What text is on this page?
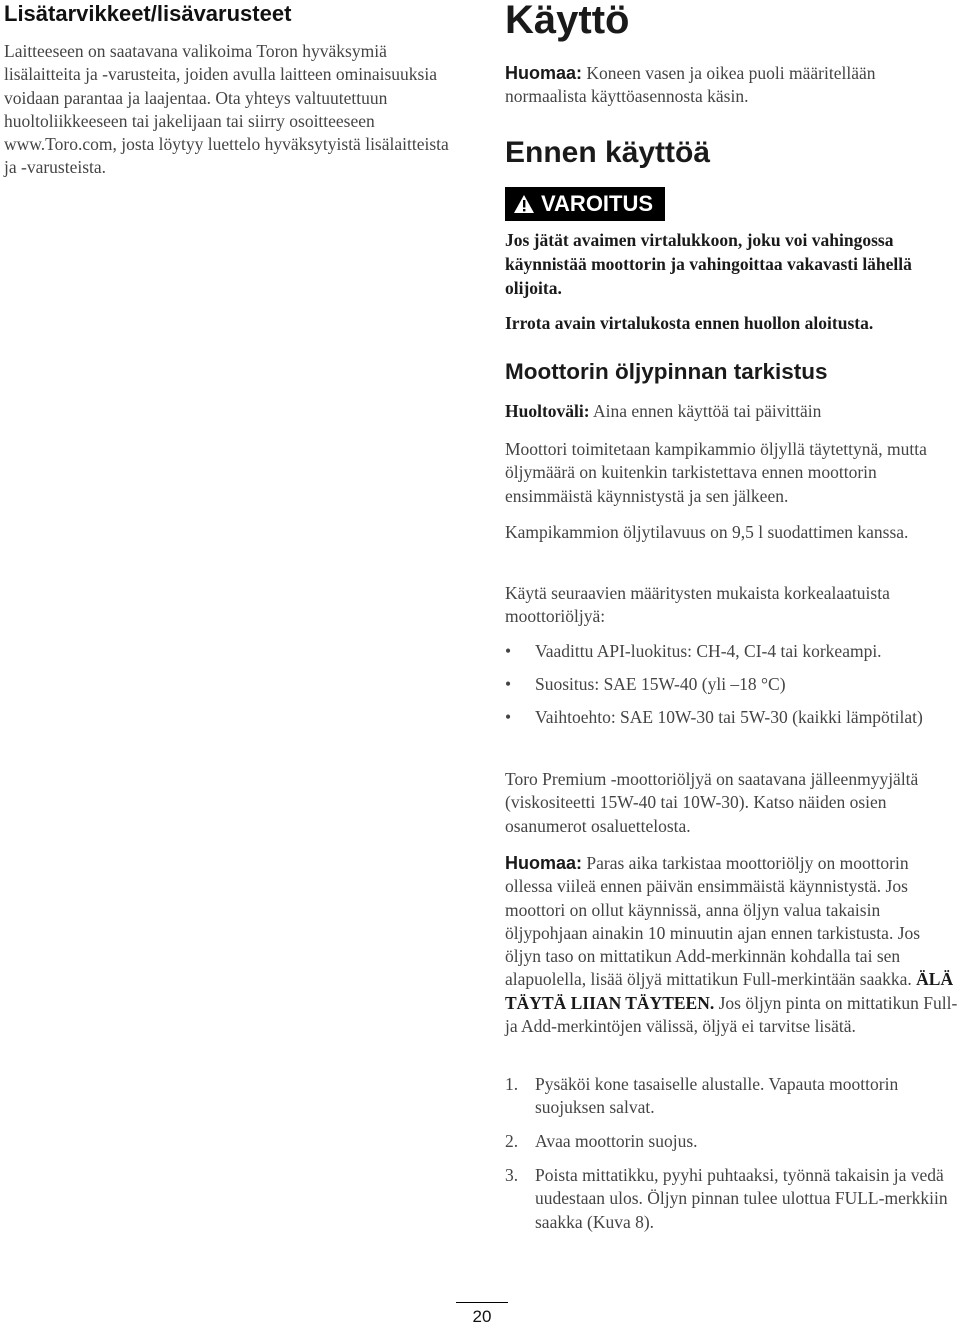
Lisätarvikkeet/lisävarusteet

Laitteeseen on saatavana valikoima Toron hyväksymiä lisälaitteita ja -varusteita, joiden avulla laitteen ominaisuuksia voidaan parantaa ja laajentaa. Ota yhteys valtuutettuun huoltoliikkeeseen tai jakelijaan tai siirry osoitteeseen www.Toro.com, josta löytyy luettelo hyväksytyistä lisälaitteista ja -varusteista.

Käyttö

Huomaa: Koneen vasen ja oikea puoli määritellään normaalista käyttöasennosta käsin.

Ennen käyttöä
VAROITUS

Jos jätät avaimen virtalukkoon, joku voi vahingossa käynnistää moottorin ja vahingoittaa vakavasti lähellä olijoita.

Irrota avain virtalukosta ennen huollon aloitusta.

Moottorin öljypinnan tarkistus

Huoltoväli: Aina ennen käyttöä tai päivittäin

Moottori toimitetaan kampikammio öljyllä täytettynä, mutta öljymäärä on kuitenkin tarkistettava ennen moottorin ensimmäistä käynnistystä ja sen jälkeen.

Kampikammion öljytilavuus on 9,5 l suodattimen kanssa.

Käytä seuraavien määritysten mukaista korkealaatuista moottoriöljyä:

• Vaadittu API-luokitus: CH-4, CI-4 tai korkeampi.
• Suositus: SAE 15W-40 (yli –18 °C)
• Vaihtoehto: SAE 10W-30 tai 5W-30 (kaikki lämpötilat)

Toro Premium -moottoriöljyä on saatavana jälleenmyyjältä (viskositeetti 15W-40 tai 10W-30). Katso näiden osien osanumerot osaluettelosta.

Huomaa: Paras aika tarkistaa moottoriöljy on moottorin ollessa viileä ennen päivän ensimmäistä käynnistystä. Jos moottori on ollut käynnissä, anna öljyn valua takaisin öljypohjaan ainakin 10 minuutin ajan ennen tarkistusta. Jos öljyn taso on mittatikun Add-merkinnän kohdalla tai sen alapuolella, lisää öljyä mittatikun Full-merkintään saakka. ÄLÄ TÄYTÄ LIIAN TÄYTEEN. Jos öljyn pinta on mittatikun Full- ja Add-merkintöjen välissä, öljyä ei tarvitse lisätä.

1. Pysäköi kone tasaiselle alustalle. Vapauta moottorin suojuksen salvat.
2. Avaa moottorin suojus.
3. Poista mittatikku, pyyhi puhtaaksi, työnnä takaisin ja vedä uudestaan ulos. Öljyn pinnan tulee ulottua FULL-merkkiin saakka (Kuva 8).
20
